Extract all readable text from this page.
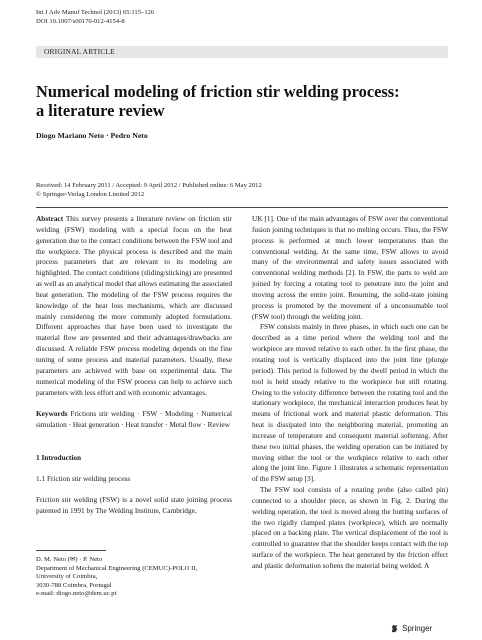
Int J Adv Manuf Technol (2013) 65:115–126
DOI 10.1007/s00170-012-4154-8
ORIGINAL ARTICLE
Numerical modeling of friction stir welding process:
a literature review
Diogo Mariano Neto · Pedro Neto
Received: 14 February 2011 / Accepted: 9 April 2012 / Published online: 6 May 2012
© Springer-Verlag London Limited 2012

Abstract This survey presents a literature review on friction stir welding (FSW) modeling with a special focus on the heat generation due to the contact conditions between the FSW tool and the workpiece. The physical process is described and the main process parameters that are relevant to its modeling are highlighted. The contact conditions (sliding/sticking) are presented as well as an analytical model that allows estimating the associated heat generation. The modeling of the FSW process requires the knowledge of the heat loss mechanisms, which are discussed mainly considering the more commonly adopted formulations. Different approaches that have been used to investigate the material flow are presented and their advantages/drawbacks are discussed. A reliable FSW process modeling depends on the fine tuning of some process and material parameters. Usually, these parameters are achieved with base on experimental data. The numerical modeling of the FSW process can help to achieve such parameters with less effort and with economic advantages.

Keywords Frictions stir welding · FSW · Modeling · Numerical simulation · Heat generation · Heat transfer · Metal flow · Review

1 Introduction

1.1 Friction stir welding process

Friction stir welding (FSW) is a novel solid state joining process patented in 1991 by The Welding Institute, Cambridge,

D. M. Neto (✉) · P. Neto
Department of Mechanical Engineering (CEMUC)-POLO II,
University of Coimbra,
3030-788 Coimbra, Portugal
e-mail: diogo.neto@dem.uc.pt

UK [1]. One of the main advantages of FSW over the conventional fusion joining techniques is that no melting occurs. Thus, the FSW process is performed at much lower temperatures than the conventional welding. At the same time, FSW allows to avoid many of the environmental and safety issues associated with conventional welding methods [2]. In FSW, the parts to weld are joined by forcing a rotating tool to penetrate into the joint and moving across the entire joint. Resuming, the solid-state joining process is promoted by the movement of a unconsumable tool (FSW tool) through the welding joint.

FSW consists mainly in three phases, in which each one can be described as a time period where the welding tool and the workpiece are moved relative to each other. In the first phase, the rotating tool is vertically displaced into the joint line (plunge period). This period is followed by the dwell period in which the tool is held steady relative to the workpiece but still rotating. Owing to the velocity difference between the rotating tool and the stationary workpiece, the mechanical interaction produces heat by means of frictional work and material plastic deformation. This heat is dissipated into the neighboring material, promoting an increase of temperature and consequent material softening. After these two initial phases, the welding operation can be initiated by moving either the tool or the workpiece relative to each other along the joint line. Figure 1 illustrates a schematic representation of the FSW setup [3].

The FSW tool consists of a rotating probe (also called pin) connected to a shoulder piece, as shown in Fig. 2. During the welding operation, the tool is moved along the butting surfaces of the two rigidly clamped plates (workpiece), which are normally placed on a backing plate. The vertical displacement of the tool is controlled to guarantee that the shoulder keeps contact with the top surface of the workpiece. The heat generated by the friction effect and plastic deformation softens the material being welded. A

Springer
